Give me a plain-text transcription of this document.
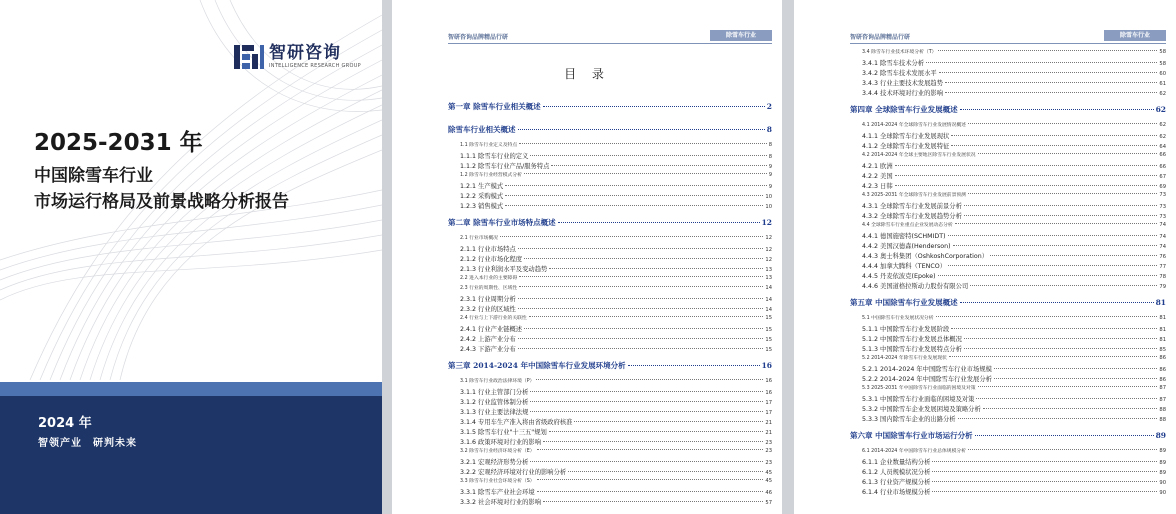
智研咨询
INTELLIGENCE RESEARCH GROUP
2025-2031 年
中国除雪车行业
市场运行格局及前景战略分析报告
2024 年
智领产业　研判未来
智研咨询品牌精品行研	除雪车行业
目 录
第一章 除雪车行业相关概述	2
除雪车行业相关概述	8
1.1 除雪车行业定义及特点	8
1.1.1 除雪车行业的定义	8
1.1.2 除雪车行业产品/服务特点	9
1.2 除雪车行业经营模式分析	9
1.2.1 生产模式	9
1.2.2 采购模式	10
1.2.3 销售模式	10
第二章 除雪车行业市场特点概述	12
2.1 行业市场概况	12
2.1.1 行业市场特点	12
2.1.2 行业市场化程度	12
2.1.3 行业利润水平及变动趋势	13
2.2 进入本行业的主要障碍	13
2.3 行业的周期性、区域性	14
2.3.1 行业周期分析	14
2.3.2 行业的区域性	14
2.4 行业与上下游行业的关联性	15
2.4.1 行业产业链概述	15
2.4.2 上游产业分布	15
2.4.3 下游产业分布	15
第三章 2014-2024 年中国除雪车行业发展环境分析	16
3.1 除雪车行业政治法律环境（P）	16
3.1.1 行业主管部门分析	16
3.1.2 行业监管体制分析	17
3.1.3 行业主要法律法规	17
3.1.4 专用车生产准入将由省级政府核准	21
3.1.5 除雪车行业"十三五"规划	21
3.1.6 政策环境对行业的影响	23
3.2 除雪车行业经济环境分析（E）	23
3.2.1 宏观经济形势分析	23
3.2.2 宏观经济环境对行业的影响分析	45
3.3 除雪车行业社会环境分析（S）	45
3.3.1 除雪车产业社会环境	46
3.3.2 社会环境对行业的影响	57
智研咨询品牌精品行研	除雪车行业
3.4 除雪车行业技术环境分析（T）	58
3.4.1 除雪车技术分析	58
3.4.2 除雪车技术发展水平	60
3.4.3 行业主要技术发展趋势	61
3.4.4 技术环境对行业的影响	62
第四章 全球除雪车行业发展概述	62
4.1 2014-2024 年全球除雪车行业发展情况概述	62
4.1.1 全球除雪车行业发展现状	62
4.1.2 全球除雪车行业发展特征	64
4.2 2014-2024 年全球主要地区除雪车行业发展状况	66
4.2.1 欧洲	66
4.2.2 美国	67
4.2.3 日韩	69
4.3 2025-2031 年全球除雪车行业发展前景预测	73
4.3.1 全球除雪车行业发展前景分析	73
4.3.2 全球除雪车行业发展趋势分析	73
4.4 全球除雪车行业重点企业发展动态分析	74
4.4.1 德国施密特(SCHMIDT)	74
4.4.2 美国汉德森(Henderson)	74
4.4.3 奥士科集团（OshkoshCorporation）	76
4.4.4 加拿大腾科（TENCO）	77
4.4.5 丹麦依波克(Epoke)	78
4.4.6 美国道格拉斯动力股份有限公司	79
第五章 中国除雪车行业发展概述	81
5.1 中国除雪车行业发展状况分析	81
5.1.1 中国除雪车行业发展阶段	81
5.1.2 中国除雪车行业发展总体概况	81
5.1.3 中国除雪车行业发展特点分析	85
5.2 2014-2024 年除雪车行业发展现状	86
5.2.1 2014-2024 年中国除雪车行业市场规模	86
5.2.2 2014-2024 年中国除雪车行业发展分析	86
5.3 2025-2031 年中国除雪车行业面临的困境及对策	87
5.3.1 中国除雪车行业面临的困境及对策	87
5.3.2 中国除雪车企业发展困境及策略分析	88
5.3.3 国内除雪车企业的出路分析	88
第六章 中国除雪车行业市场运行分析	89
6.1 2014-2024 年中国除雪车行业总体规模分析	89
6.1.1 企业数量结构分析	89
6.1.2 人员规模状况分析	89
6.1.3 行业资产规模分析	90
6.1.4 行业市场规模分析	90
